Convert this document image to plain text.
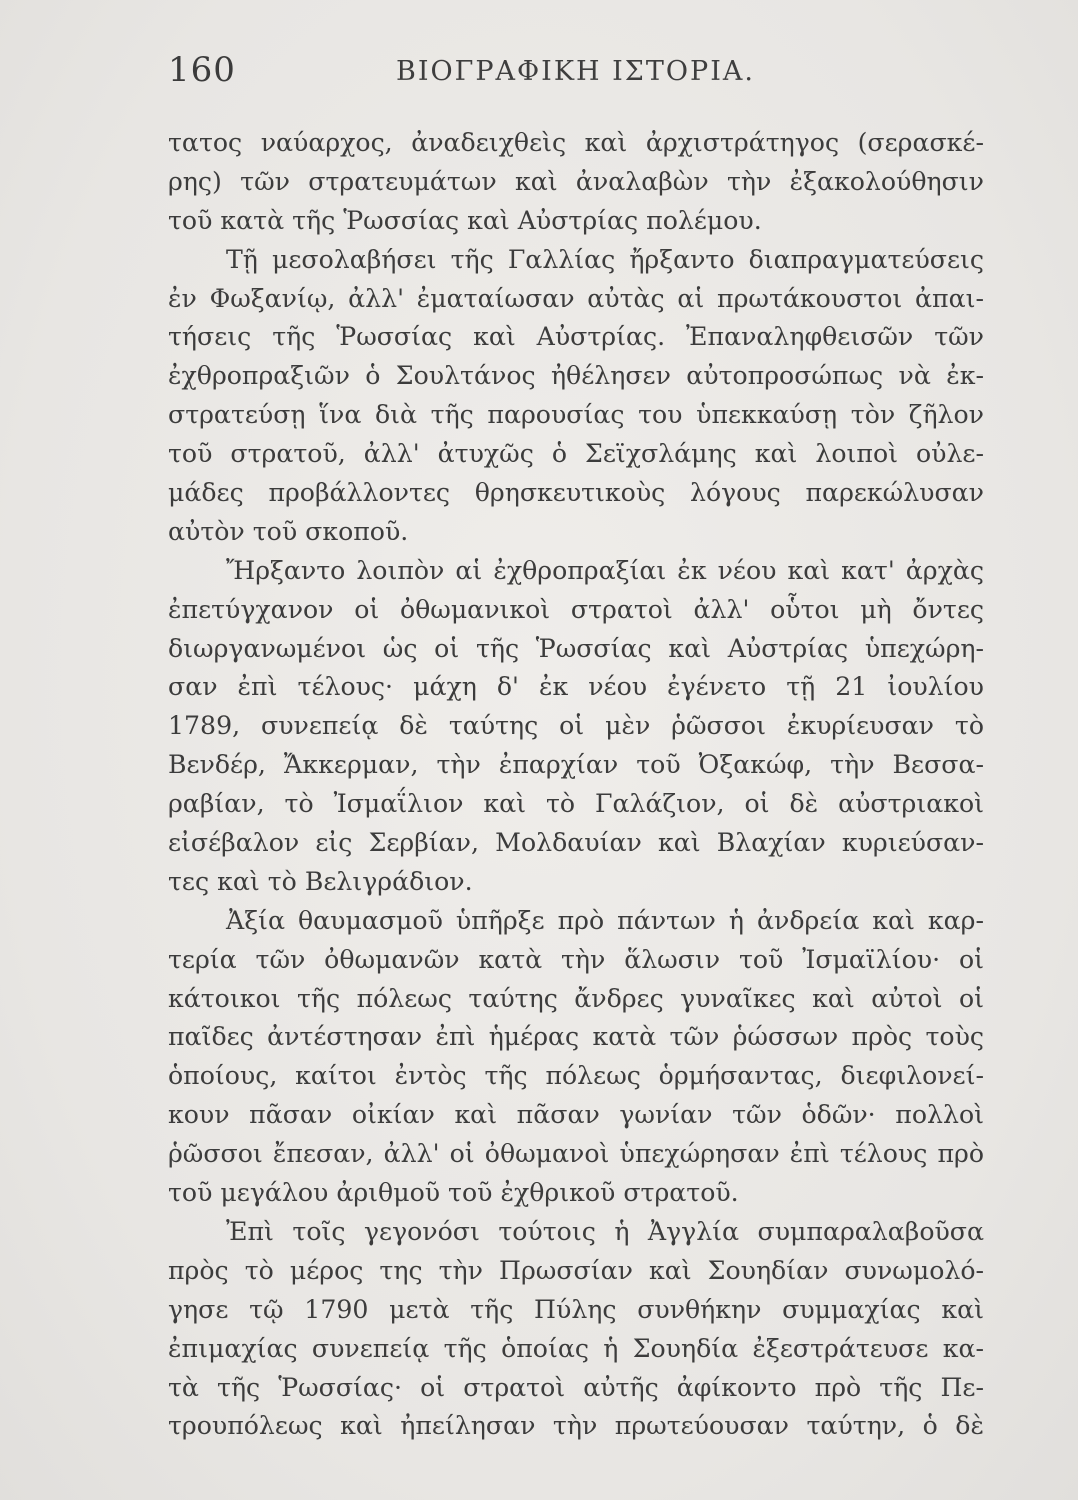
160	ΒΙΟΓΡΑΦΙΚΗ ΙΣΤΟΡΙΑ.
τατος ναύαρχος, ἀναδειχθεὶς καὶ ἀρχιστράτηγος (σερασκέ-
ρης) τῶν στρατευμάτων καὶ ἀναλαβὼν τὴν ἐξακολούθησιν
τοῦ κατὰ τῆς Ῥωσσίας καὶ Αὐστρίας πολέμου.
Τῇ μεσολαβήσει τῆς Γαλλίας ἤρξαντο διαπραγματεύσεις
ἐν Φωξανίῳ, ἀλλ' ἐματαίωσαν αὐτὰς αἱ πρωτάκουστοι ἀπαι-
τήσεις τῆς Ῥωσσίας καὶ Αὐστρίας. Ἐπαναληφθεισῶν τῶν
ἐχθροπραξιῶν ὁ Σουλτάνος ἠθέλησεν αὐτοπροσώπως νὰ ἐκ-
στρατεύσῃ ἵνα διὰ τῆς παρουσίας του ὑπεκκαύσῃ τὸν ζῆλον
τοῦ στρατοῦ, ἀλλ' ἀτυχῶς ὁ Σεϊχσλάμης καὶ λοιποὶ οὐλε-
μάδες προβάλλοντες θρησκευτικοὺς λόγους παρεκώλυσαν
αὐτὸν τοῦ σκοποῦ.
Ἤρξαντο λοιπὸν αἱ ἐχθροπραξίαι ἐκ νέου καὶ κατ' ἀρχὰς
ἐπετύγχανον οἱ ὀθωμανικοὶ στρατοὶ ἀλλ' οὗτοι μὴ ὄντες
διωργανωμένοι ὡς οἱ τῆς Ῥωσσίας καὶ Αὐστρίας ὑπεχώρη-
σαν ἐπὶ τέλους· μάχη δ' ἐκ νέου ἐγένετο τῇ 21 ἰουλίου
1789, συνεπείᾳ δὲ ταύτης οἱ μὲν ῥῶσσοι ἐκυρίευσαν τὸ
Βενδέρ, Ἄκκερμαν, τὴν ἐπαρχίαν τοῦ Ὀξακώφ, τὴν Βεσσα-
ραβίαν, τὸ Ἰσμαΐλιον καὶ τὸ Γαλάζιον, οἱ δὲ αὐστριακοὶ
εἰσέβαλον εἰς Σερβίαν, Μολδαυίαν καὶ Βλαχίαν κυριεύσαν-
τες καὶ τὸ Βελιγράδιον.
Ἀξία θαυμασμοῦ ὑπῆρξε πρὸ πάντων ἡ ἀνδρεία καὶ καρ-
τερία τῶν ὀθωμανῶν κατὰ τὴν ἅλωσιν τοῦ Ἰσμαϊλίου· οἱ
κάτοικοι τῆς πόλεως ταύτης ἄνδρες γυναῖκες καὶ αὐτοὶ οἱ
παῖδες ἀντέστησαν ἐπὶ ἡμέρας κατὰ τῶν ῥώσσων πρὸς τοὺς
ὁποίους, καίτοι ἐντὸς τῆς πόλεως ὁρμήσαντας, διεφιλονεί-
κουν πᾶσαν οἰκίαν καὶ πᾶσαν γωνίαν τῶν ὁδῶν· πολλοὶ
ῥῶσσοι ἔπεσαν, ἀλλ' οἱ ὀθωμανοὶ ὑπεχώρησαν ἐπὶ τέλους πρὸ
τοῦ μεγάλου ἀριθμοῦ τοῦ ἐχθρικοῦ στρατοῦ.
Ἐπὶ τοῖς γεγονόσι τούτοις ἡ Ἀγγλία συμπαραλαβοῦσα
πρὸς τὸ μέρος της τὴν Πρωσσίαν καὶ Σουηδίαν συνωμολό-
γησε τῷ 1790 μετὰ τῆς Πύλης συνθήκην συμμαχίας καὶ
ἐπιμαχίας συνεπείᾳ τῆς ὁποίας ἡ Σουηδία ἐξεστράτευσε κα-
τὰ τῆς Ῥωσσίας· οἱ στρατοὶ αὐτῆς ἀφίκοντο πρὸ τῆς Πε-
τρουπόλεως καὶ ἠπείλησαν τὴν πρωτεύουσαν ταύτην, ὁ δὲ
